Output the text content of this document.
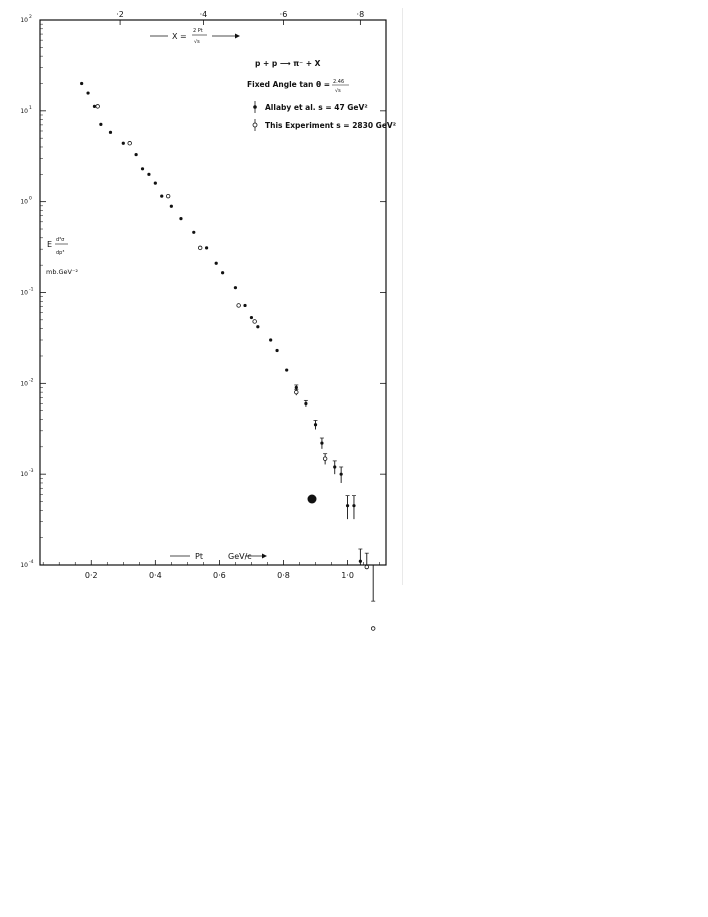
0·2	0·4	0·6	0·8	1·0
·2	·4	·6	·8
10 2
10 1
10 0
10 -1
10 -2
10 -3
10 -4
X =
2 Pt
√s
Pt	GeV/c
E d³σ
dp³
mb.GeV⁻²
p + p ⟶ π⁻ + X
Fixed Angle tan θ = 2.46
√s
Allaby et al. s = 47 GeV²
This Experiment s = 2830 GeV²
